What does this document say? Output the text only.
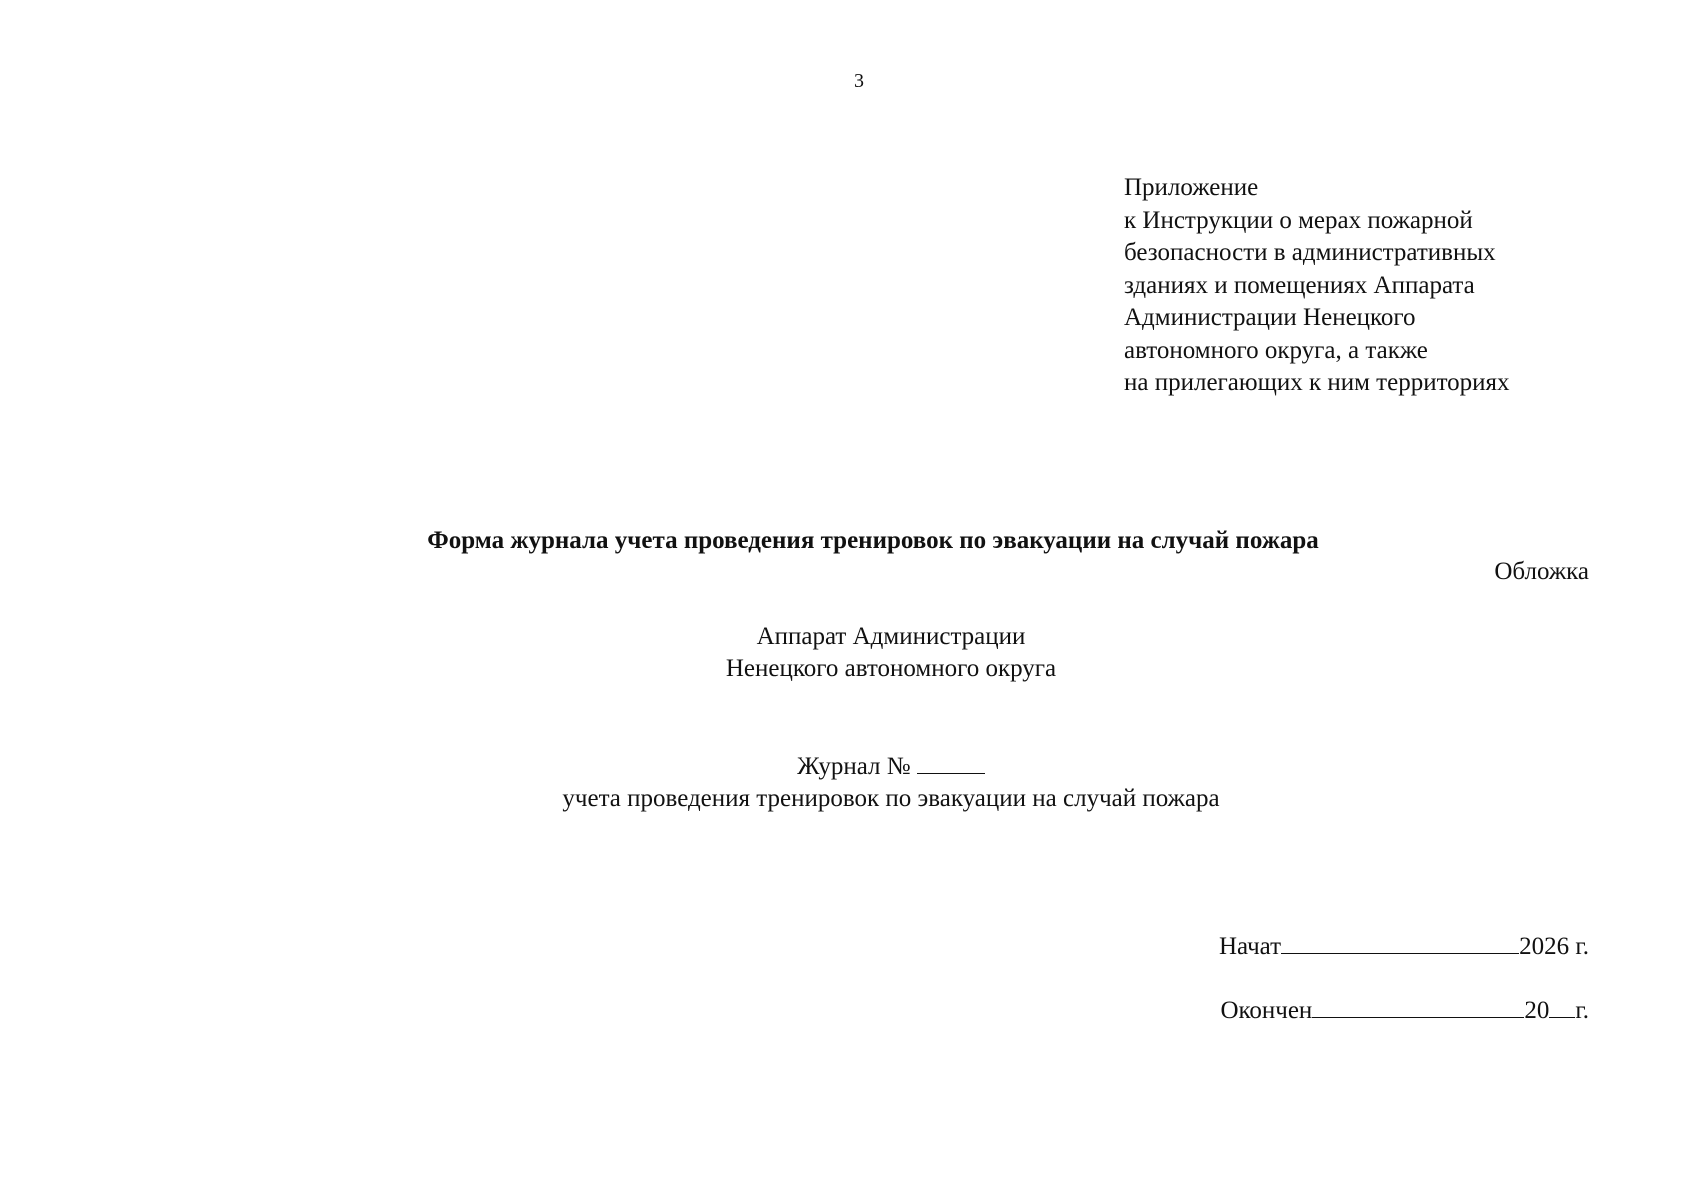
3
Приложение
к Инструкции о мерах пожарной
безопасности в административных
зданиях и помещениях Аппарата
Администрации Ненецкого
автономного округа, а также
на прилегающих к ним территориях
Форма журнала учета проведения тренировок по эвакуации на случай пожара
Обложка
Аппарат Администрации
Ненецкого автономного округа
Журнал №
учета проведения тренировок по эвакуации на случай пожара
Начат	2026 г.
Окончен	20 г.
